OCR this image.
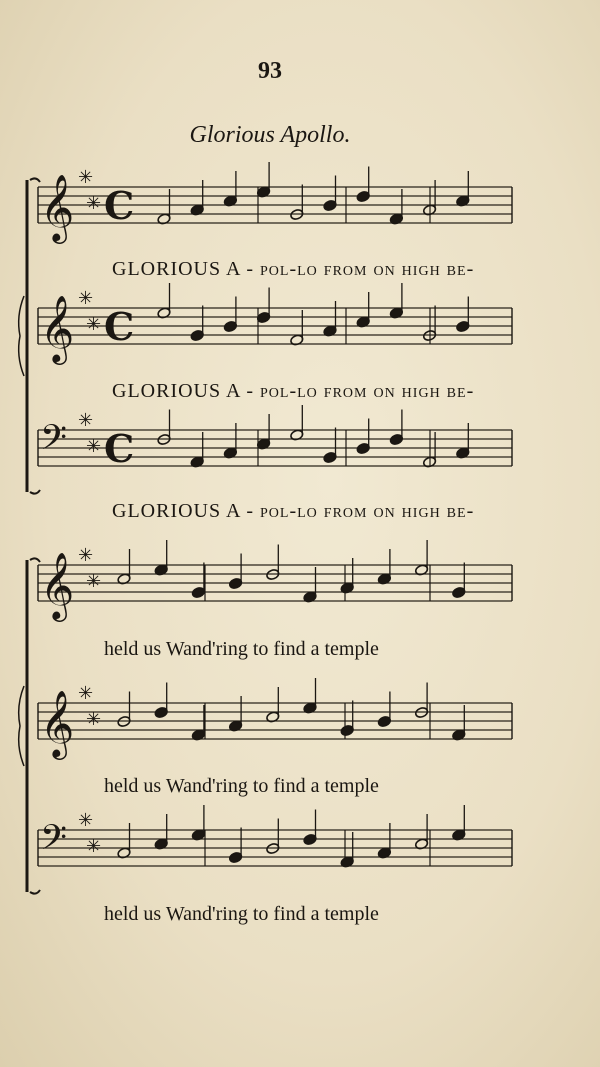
93
Glorious Apollo.
𝄞 ✳
✳ C
𝄞 ✳
✳ C
𝄢 ✳
✳ C
𝄞 ✳
✳
𝄞 ✳
✳
𝄢 ✳
✳
GLORIOUS A - pol-lo from on high be-
GLORIOUS A - pol-lo from on high be-
GLORIOUS A - pol-lo from on high be-
held us Wand'ring to find a temple
held us Wand'ring to find a temple
held us Wand'ring to find a temple
